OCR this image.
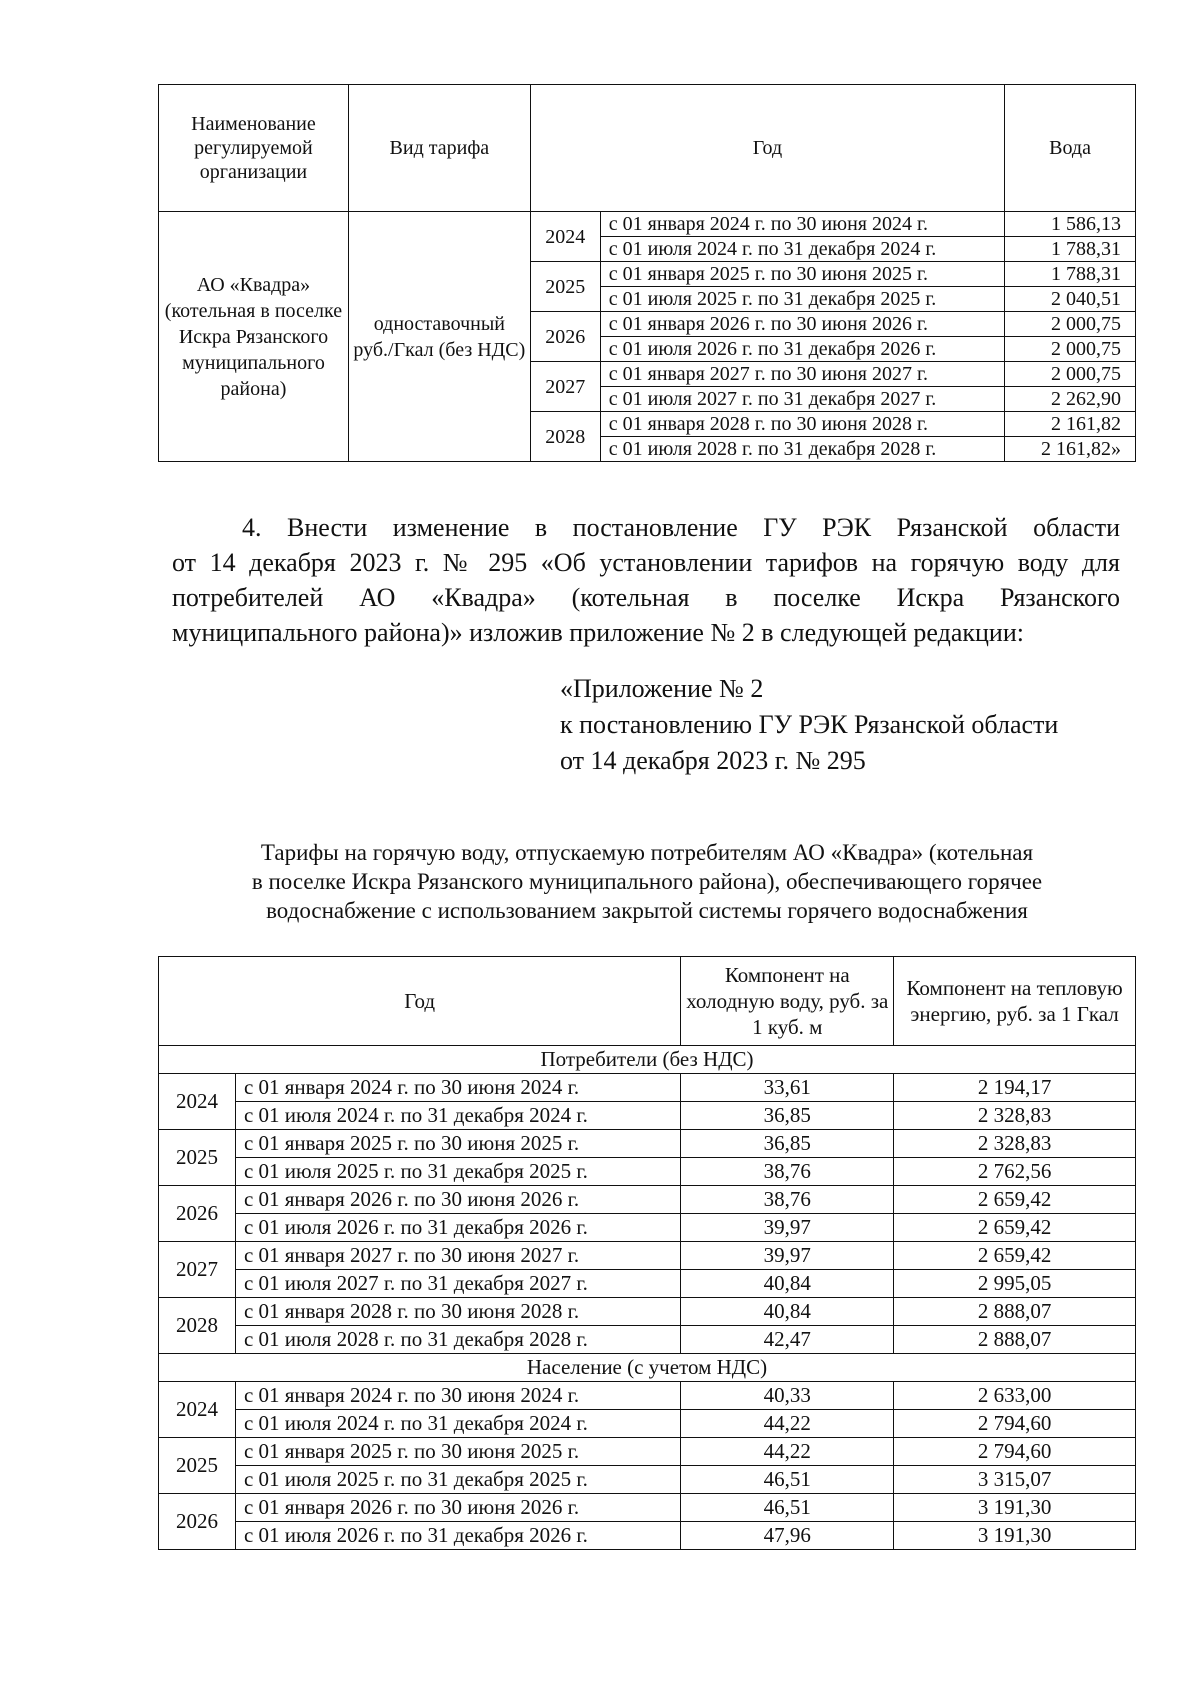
Наименование регулируемой организации	Вид тарифа	Год		Вода
АО «Квадра» (котельная в поселке Искра Рязанского муниципального района)	одноставочный руб./Гкал (без НДС)	2024	с 01 января 2024 г. по 30 июня 2024 г.	1 586,13
			с 01 июля 2024 г. по 31 декабря 2024 г.	1 788,31
		2025	с 01 января 2025 г. по 30 июня 2025 г.	1 788,31
			с 01 июля 2025 г. по 31 декабря 2025 г.	2 040,51
		2026	с 01 января 2026 г. по 30 июня 2026 г.	2 000,75
			с 01 июля 2026 г. по 31 декабря 2026 г.	2 000,75
		2027	с 01 января 2027 г. по 30 июня 2027 г.	2 000,75
			с 01 июля 2027 г. по 31 декабря 2027 г.	2 262,90
		2028	с 01 января 2028 г. по 30 июня 2028 г.	2 161,82
			с 01 июля 2028 г. по 31 декабря 2028 г.	2 161,82»

4. Внести изменение в постановление ГУ РЭК Рязанской области
от 14 декабря 2023 г. № 295 «Об установлении тарифов на горячую воду для
потребителей АО «Квадра» (котельная в поселке Искра Рязанского
муниципального района)» изложив приложение № 2 в следующей редакции:

«Приложение № 2
к постановлению ГУ РЭК Рязанской области
от 14 декабря 2023 г. № 295

Тарифы на горячую воду, отпускаемую потребителям АО «Квадра» (котельная
в поселке Искра Рязанского муниципального района), обеспечивающего горячее
водоснабжение с использованием закрытой системы горячего водоснабжения

Год		Компонент на холодную воду, руб. за 1 куб. м	Компонент на тепловую энергию, руб. за 1 Гкал
Потребители (без НДС)			
2024	с 01 января 2024 г. по 30 июня 2024 г.	33,61	2 194,17
	с 01 июля 2024 г. по 31 декабря 2024 г.	36,85	2 328,83
2025	с 01 января 2025 г. по 30 июня 2025 г.	36,85	2 328,83
	с 01 июля 2025 г. по 31 декабря 2025 г.	38,76	2 762,56
2026	с 01 января 2026 г. по 30 июня 2026 г.	38,76	2 659,42
	с 01 июля 2026 г. по 31 декабря 2026 г.	39,97	2 659,42
2027	с 01 января 2027 г. по 30 июня 2027 г.	39,97	2 659,42
	с 01 июля 2027 г. по 31 декабря 2027 г.	40,84	2 995,05
2028	с 01 января 2028 г. по 30 июня 2028 г.	40,84	2 888,07
	с 01 июля 2028 г. по 31 декабря 2028 г.	42,47	2 888,07
Население (с учетом НДС)			
2024	с 01 января 2024 г. по 30 июня 2024 г.	40,33	2 633,00
	с 01 июля 2024 г. по 31 декабря 2024 г.	44,22	2 794,60
2025	с 01 января 2025 г. по 30 июня 2025 г.	44,22	2 794,60
	с 01 июля 2025 г. по 31 декабря 2025 г.	46,51	3 315,07
2026	с 01 января 2026 г. по 30 июня 2026 г.	46,51	3 191,30
	с 01 июля 2026 г. по 31 декабря 2026 г.	47,96	3 191,30
